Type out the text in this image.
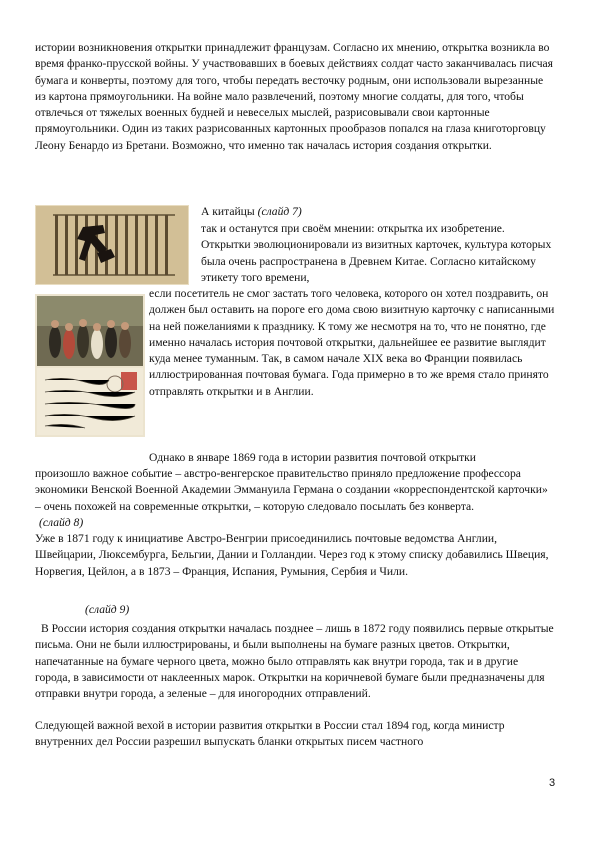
истории возникновения открытки принадлежит французам. Согласно их мнению, открытка возникла во время франко-прусской войны. У участвовавших в боевых действиях солдат часто заканчивалась писчая бумага и конверты, поэтому для того, чтобы передать весточку родным, они использовали вырезанные из картона прямоугольники. На войне мало развлечений, поэтому многие солдаты, для того, чтобы отвлечься от тяжелых военных будней и невеселых мыслей, разрисовывали свои картонные прямоугольники. Один из таких разрисованных картонных прообразов попался на глаза книготорговцу Леону Бенардо из Бретани. Возможно, что именно так началась история создания открытки.

А китайцы (слайд 7)

так и останутся при своём мнении: открытка их изобретение. Открытки эволюционировали из визитных карточек, культура которых была очень распространена в Древнем Китае. Согласно китайскому этикету того времени,

если посетитель не смог застать того человека, которого он хотел поздравить, он должен был оставить на пороге его дома свою визитную карточку с написанными на ней пожеланиями к празднику. К тому же несмотря на то, что не понятно, где именно началась история почтовой открытки, дальнейшее ее развитие выглядит куда менее туманным. Так, в самом начале XIX века во Франции появилась иллюстрированная почтовая бумага. Года примерно в то же время стало принято отправлять открытки и в Англии.

Однако в январе 1869 года в истории развития почтовой открытки

произошло важное событие – австро-венгерское правительство приняло предложение профессора экономики Венской Военной Академии Эммануила Германа о создании «корреспондентской карточки» – очень похожей на современные открытки, – которую следовало посылать без конверта.

(слайд 8)

Уже в 1871 году к инициативе Австро-Венгрии присоединились почтовые ведомства Англии, Швейцарии, Люксембурга, Бельгии, Дании и Голландии. Через год к этому списку добавились Швеция, Норвегия, Цейлон, а в 1873 – Франция, Испания, Румыния, Сербия и Чили.

(слайд 9)

В России история создания открытки началась позднее – лишь в 1872 году появились первые открытые письма. Они не были иллюстрированы, и были выполнены на бумаге разных цветов. Открытки, напечатанные на бумаге черного цвета, можно было отправлять как внутри города, так и в другие города, в зависимости от наклеенных марок. Открытки на коричневой бумаге были предназначены для отправки внутри города, а зеленые – для иногородних отправлений.

Следующей важной вехой в истории развития открытки в России стал 1894 год, когда министр внутренних дел России разрешил выпускать бланки открытых писем частного

3
